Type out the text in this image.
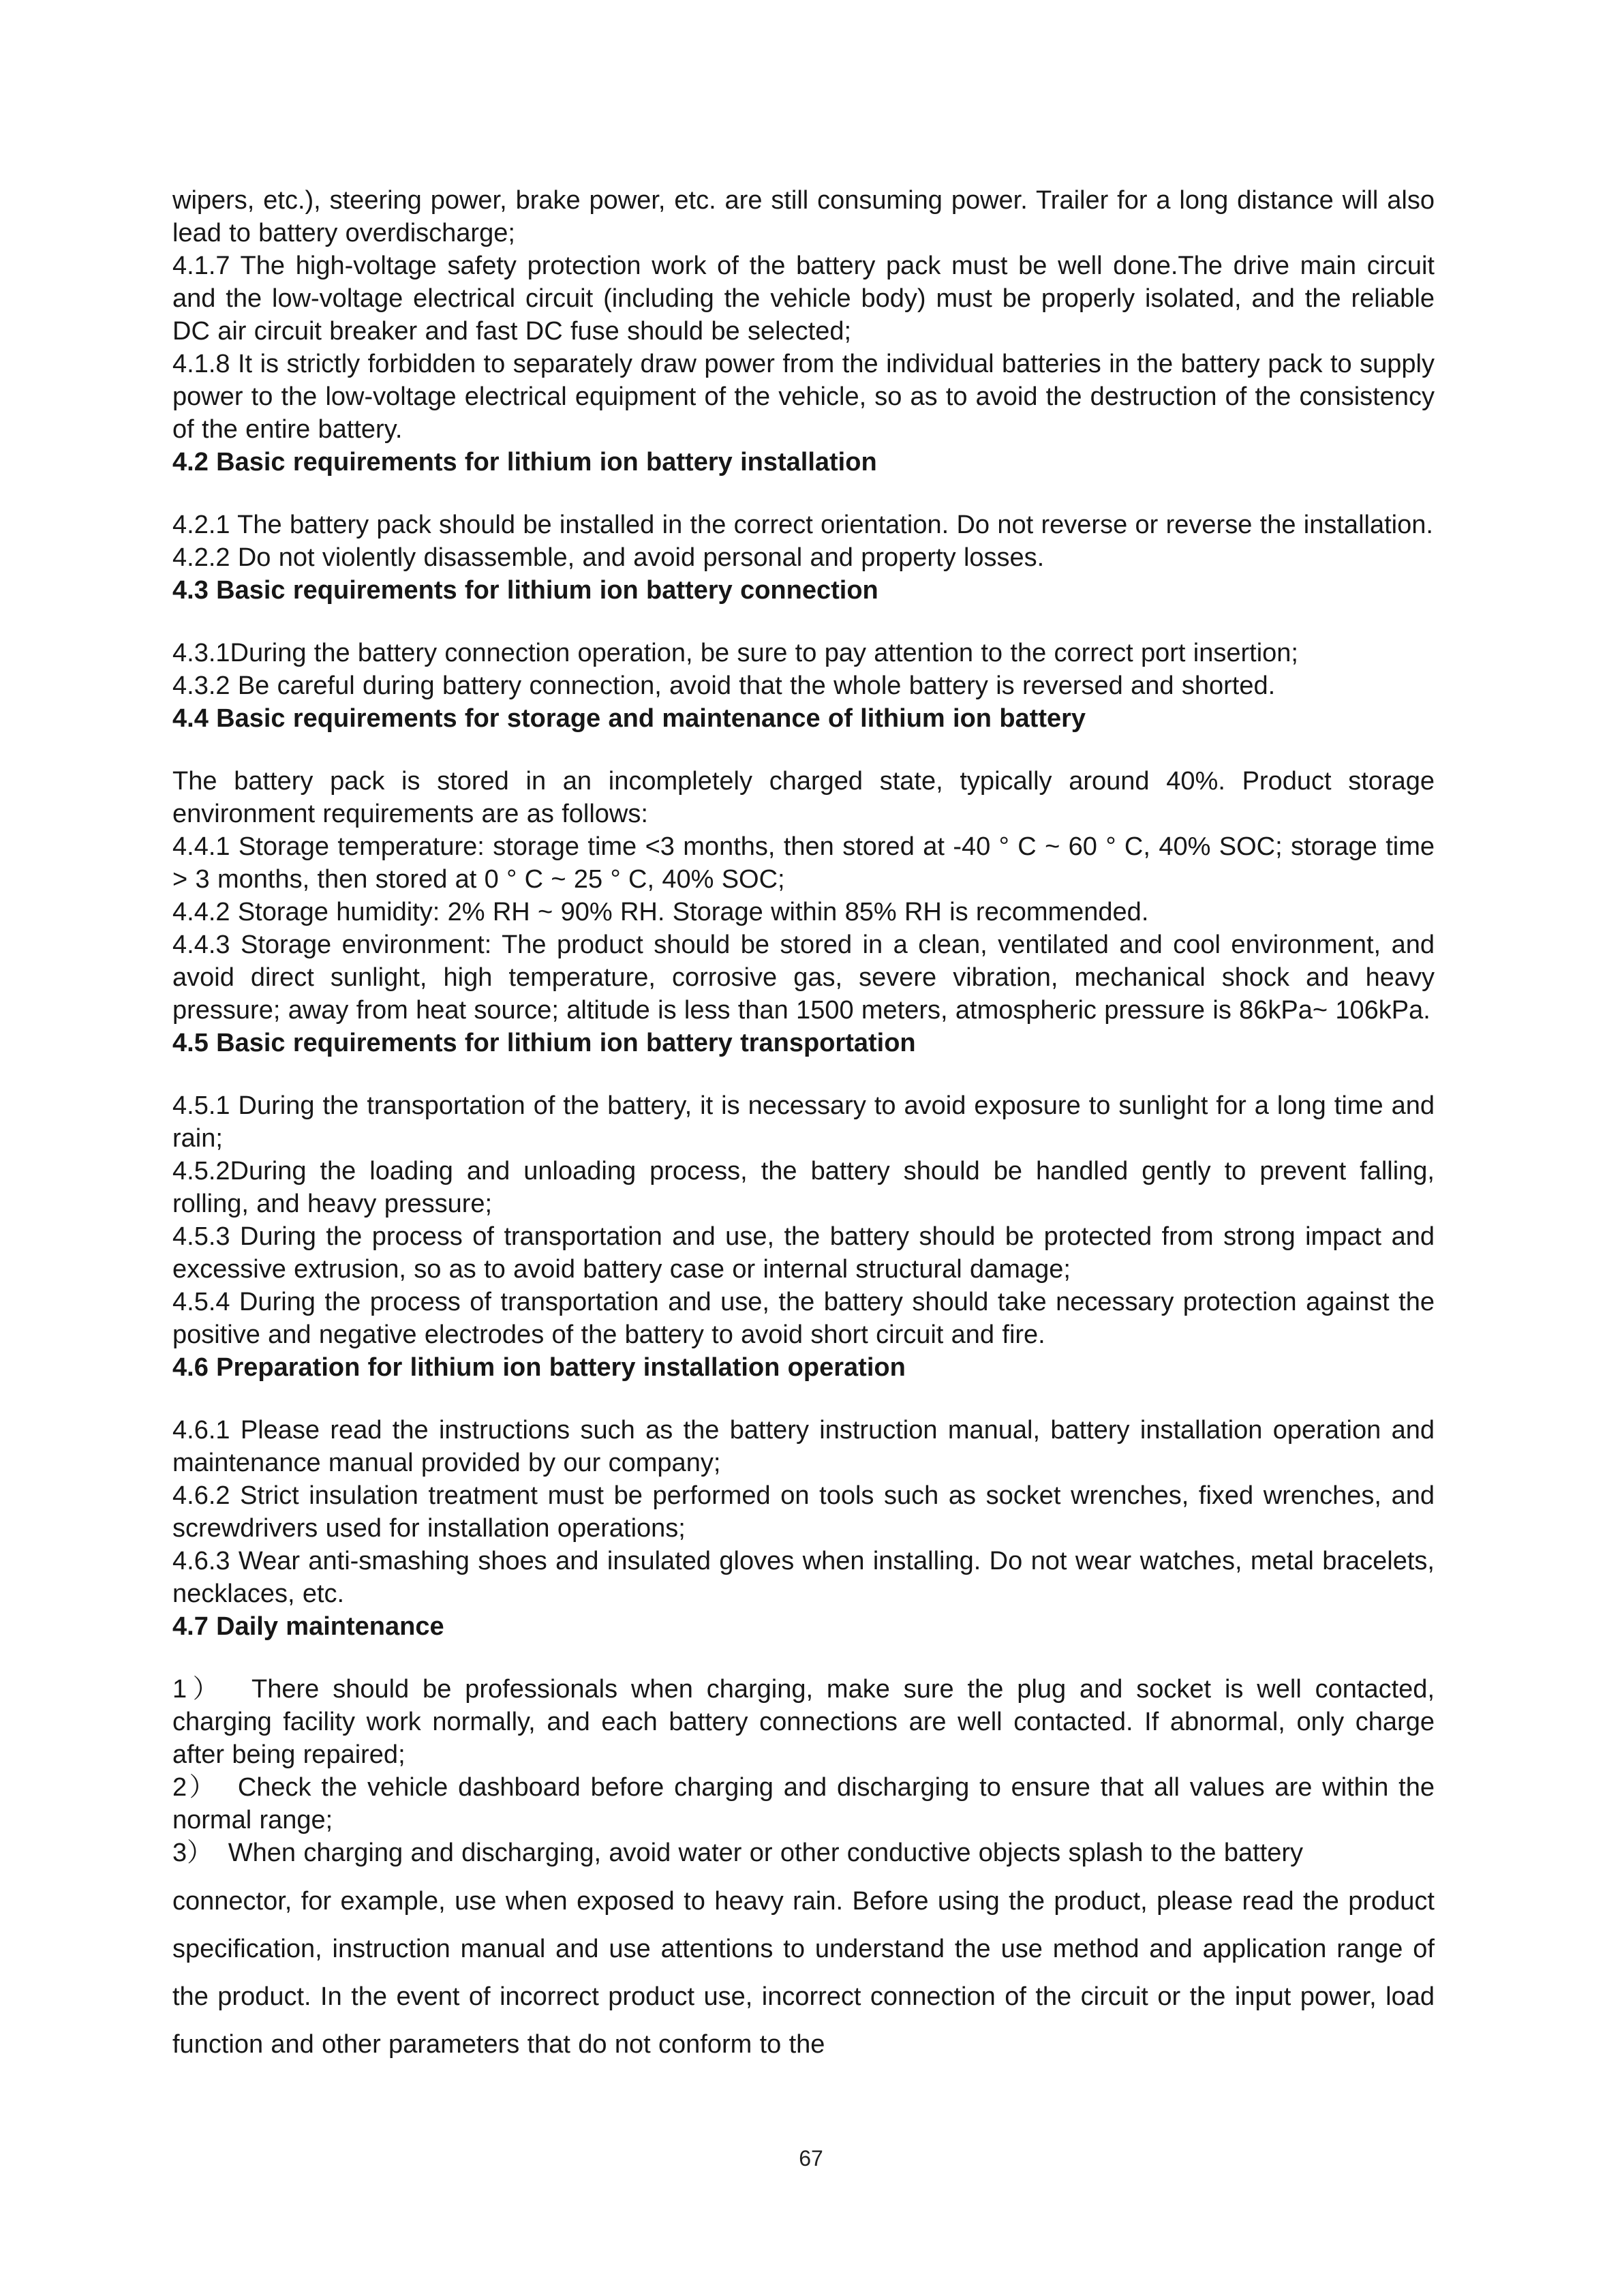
wipers, etc.), steering power, brake power, etc. are still consuming power. Trailer for a long distance will also lead to battery overdischarge;
4.1.7 The high-voltage safety protection work of the battery pack must be well done.The drive main circuit and the low-voltage electrical circuit (including the vehicle body) must be properly isolated, and the reliable DC air circuit breaker and fast DC fuse should be selected;
4.1.8 It is strictly forbidden to separately draw power from the individual batteries in the battery pack to supply power to the low-voltage electrical equipment of the vehicle, so as to avoid the destruction of the consistency of the entire battery.
4.2 Basic requirements for lithium ion battery installation
4.2.1 The battery pack should be installed in the correct orientation. Do not reverse or reverse the installation.
4.2.2 Do not violently disassemble, and avoid personal and property losses.
4.3 Basic requirements for lithium ion battery connection
4.3.1During the battery connection operation, be sure to pay attention to the correct port insertion;
4.3.2 Be careful during battery connection, avoid that the whole battery is reversed and shorted.
4.4 Basic requirements for storage and maintenance of lithium ion battery
The battery pack is stored in an incompletely charged state, typically around 40%. Product storage environment requirements are as follows:
4.4.1 Storage temperature: storage time <3 months, then stored at -40 ° C ~ 60 ° C, 40% SOC; storage time > 3 months, then stored at 0 ° C ~ 25 ° C, 40% SOC;
4.4.2 Storage humidity: 2% RH ~ 90% RH. Storage within 85% RH is recommended.
4.4.3 Storage environment: The product should be stored in a clean, ventilated and cool environment, and avoid direct sunlight, high temperature, corrosive gas, severe vibration, mechanical shock and heavy pressure; away from heat source; altitude is less than 1500 meters, atmospheric pressure is 86kPa~ 106kPa.
4.5 Basic requirements for lithium ion battery transportation
4.5.1 During the transportation of the battery, it is necessary to avoid exposure to sunlight for a long time and rain;
4.5.2During the loading and unloading process, the battery should be handled gently to prevent falling, rolling, and heavy pressure;
4.5.3 During the process of transportation and use, the battery should be protected from strong impact and excessive extrusion, so as to avoid battery case or internal structural damage;
4.5.4 During the process of transportation and use, the battery should take necessary protection against the positive and negative electrodes of the battery to avoid short circuit and fire.
4.6 Preparation for lithium ion battery installation operation
4.6.1 Please read the instructions such as the battery instruction manual, battery installation operation and maintenance manual provided by our company;
4.6.2 Strict insulation treatment must be performed on tools such as socket wrenches, fixed wrenches, and screwdrivers used for installation operations;
4.6.3 Wear anti-smashing shoes and insulated gloves when installing. Do not wear watches, metal bracelets, necklaces, etc.
4.7 Daily maintenance
1）  There should be professionals when charging, make sure the plug and socket is well contacted, charging facility work normally, and each battery connections are well contacted. If abnormal, only charge after being repaired;
2）  Check the vehicle dashboard before charging and discharging to ensure that all values are within the normal range;
3）  When charging and discharging, avoid water or other conductive objects splash to the battery
connector, for example, use when exposed to heavy rain. Before using the product, please read the product specification, instruction manual and use attentions to understand the use method and application range of the product. In the event of incorrect product use, incorrect connection of the circuit or the input power, load function and other parameters that do not conform to the
67
